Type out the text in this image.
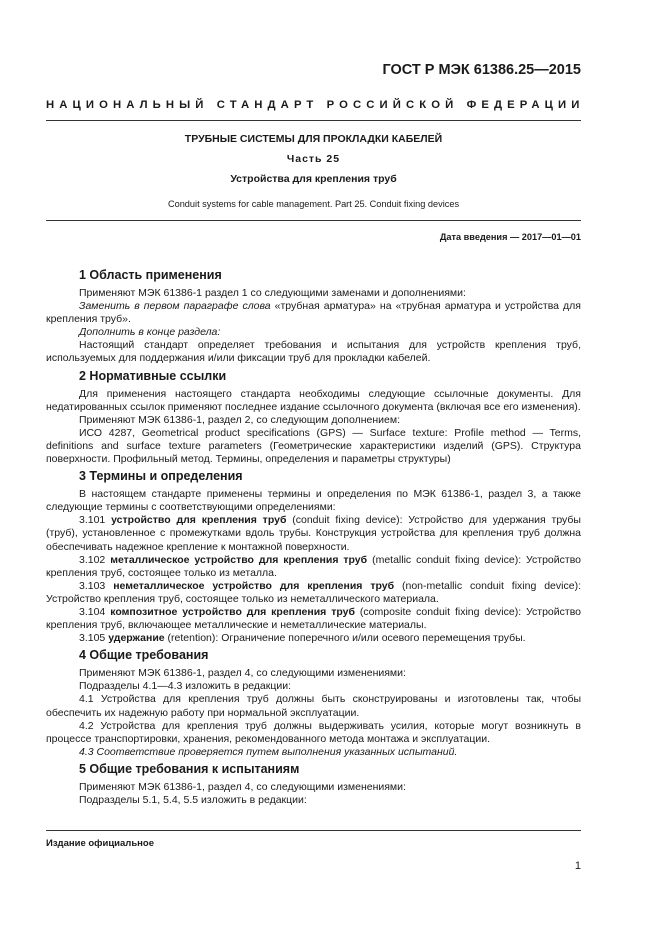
ГОСТ Р МЭК 61386.25—2015
НАЦИОНАЛЬНЫЙ СТАНДАРТ РОССИЙСКОЙ ФЕДЕРАЦИИ
ТРУБНЫЕ СИСТЕМЫ ДЛЯ ПРОКЛАДКИ КАБЕЛЕЙ
Часть 25
Устройства для крепления труб
Conduit systems for cable management. Part 25. Conduit fixing devices
Дата введения — 2017—01—01
1 Область применения

Применяют МЭК 61386-1 раздел 1 со следующими заменами и дополнениями:

Заменить в первом параграфе слова «трубная арматура» на «трубная арматура и устройства для крепления труб».

Дополнить в конце раздела:

Настоящий стандарт определяет требования и испытания для устройств крепления труб, используемых для поддержания и/или фиксации труб для прокладки кабелей.

2 Нормативные ссылки

Для применения настоящего стандарта необходимы следующие ссылочные документы. Для недатированных ссылок применяют последнее издание ссылочного документа (включая все его изменения).

Применяют МЭК 61386-1, раздел 2, со следующим дополнением:

ИСО 4287, Geometrical product specifications (GPS) — Surface texture: Profile method — Terms, definitions and surface texture parameters (Геометрические характеристики изделий (GPS). Структура поверхности. Профильный метод. Термины, определения и параметры структуры)

3 Термины и определения

В настоящем стандарте применены термины и определения по МЭК 61386-1, раздел 3, а также следующие термины с соответствующими определениями:

3.101 устройство для крепления труб (conduit fixing device): Устройство для удержания трубы (труб), установленное с промежутками вдоль трубы. Конструкция устройства для крепления труб должна обеспечивать надежное крепление к монтажной поверхности.

3.102 металлическое устройство для крепления труб (metallic conduit fixing device): Устройство крепления труб, состоящее только из металла.

3.103 неметаллическое устройство для крепления труб (non-metallic conduit fixing device): Устройство крепления труб, состоящее только из неметаллического материала.

3.104 композитное устройство для крепления труб (composite conduit fixing device): Устройство крепления труб, включающее металлические и неметаллические материалы.

3.105 удержание (retention): Ограничение поперечного и/или осевого перемещения трубы.

4 Общие требования

Применяют МЭК 61386-1, раздел 4, со следующими изменениями:

Подразделы 4.1—4.3 изложить в редакции:

4.1 Устройства для крепления труб должны быть сконструированы и изготовлены так, чтобы обеспечить их надежную работу при нормальной эксплуатации.

4.2 Устройства для крепления труб должны выдерживать усилия, которые могут возникнуть в процессе транспортировки, хранения, рекомендованного метода монтажа и эксплуатации.

4.3 Соответствие проверяется путем выполнения указанных испытаний.

5 Общие требования к испытаниям

Применяют МЭК 61386-1, раздел 4, со следующими изменениями:

Подразделы 5.1, 5.4, 5.5 изложить в редакции:

Издание официальное
1
